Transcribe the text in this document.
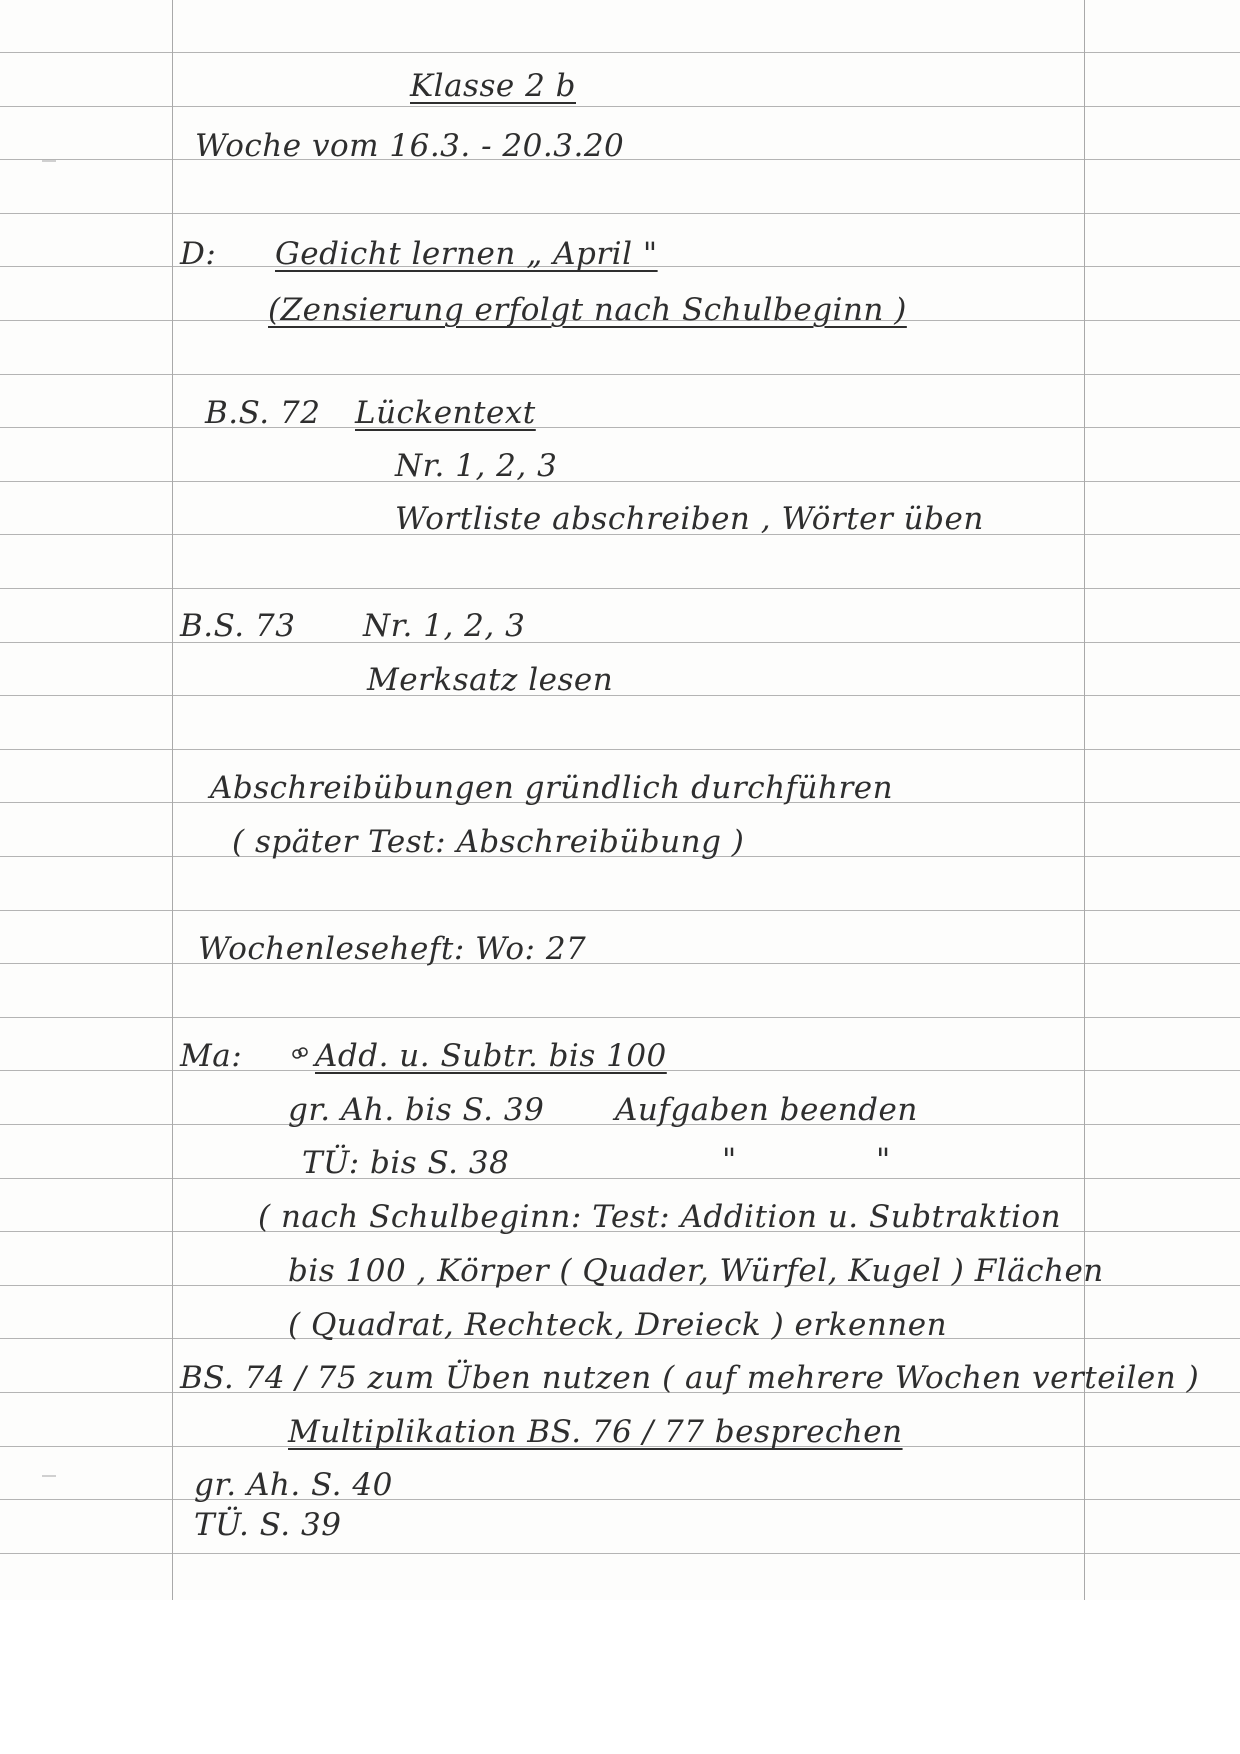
Klasse 2 b
Woche vom 16.3. - 20.3.20
D: Gedicht lernen „ April "
(Zensierung erfolgt nach Schulbeginn )
B.S. 72 Lückentext
Nr. 1, 2, 3
Wortliste abschreiben , Wörter üben
B.S. 73 Nr. 1, 2, 3
Merksatz lesen
Abschreibübungen gründlich durchführen
( später Test: Abschreibübung )
Wochenleseheft: Wo: 27
Ma: Add. u. Subtr. bis 100
gr. Ah. bis S. 39 Aufgaben beenden
TÜ: bis S. 38	"	"
( nach Schulbeginn: Test: Addition u. Subtraktion
bis 100 , Körper ( Quader, Würfel, Kugel ) Flächen
( Quadrat, Rechteck, Dreieck ) erkennen
BS. 74 / 75 zum Üben nutzen ( auf mehrere Wochen verteilen )
Multiplikation BS. 76 / 77 besprechen
gr. Ah. S. 40
TÜ. S. 39
